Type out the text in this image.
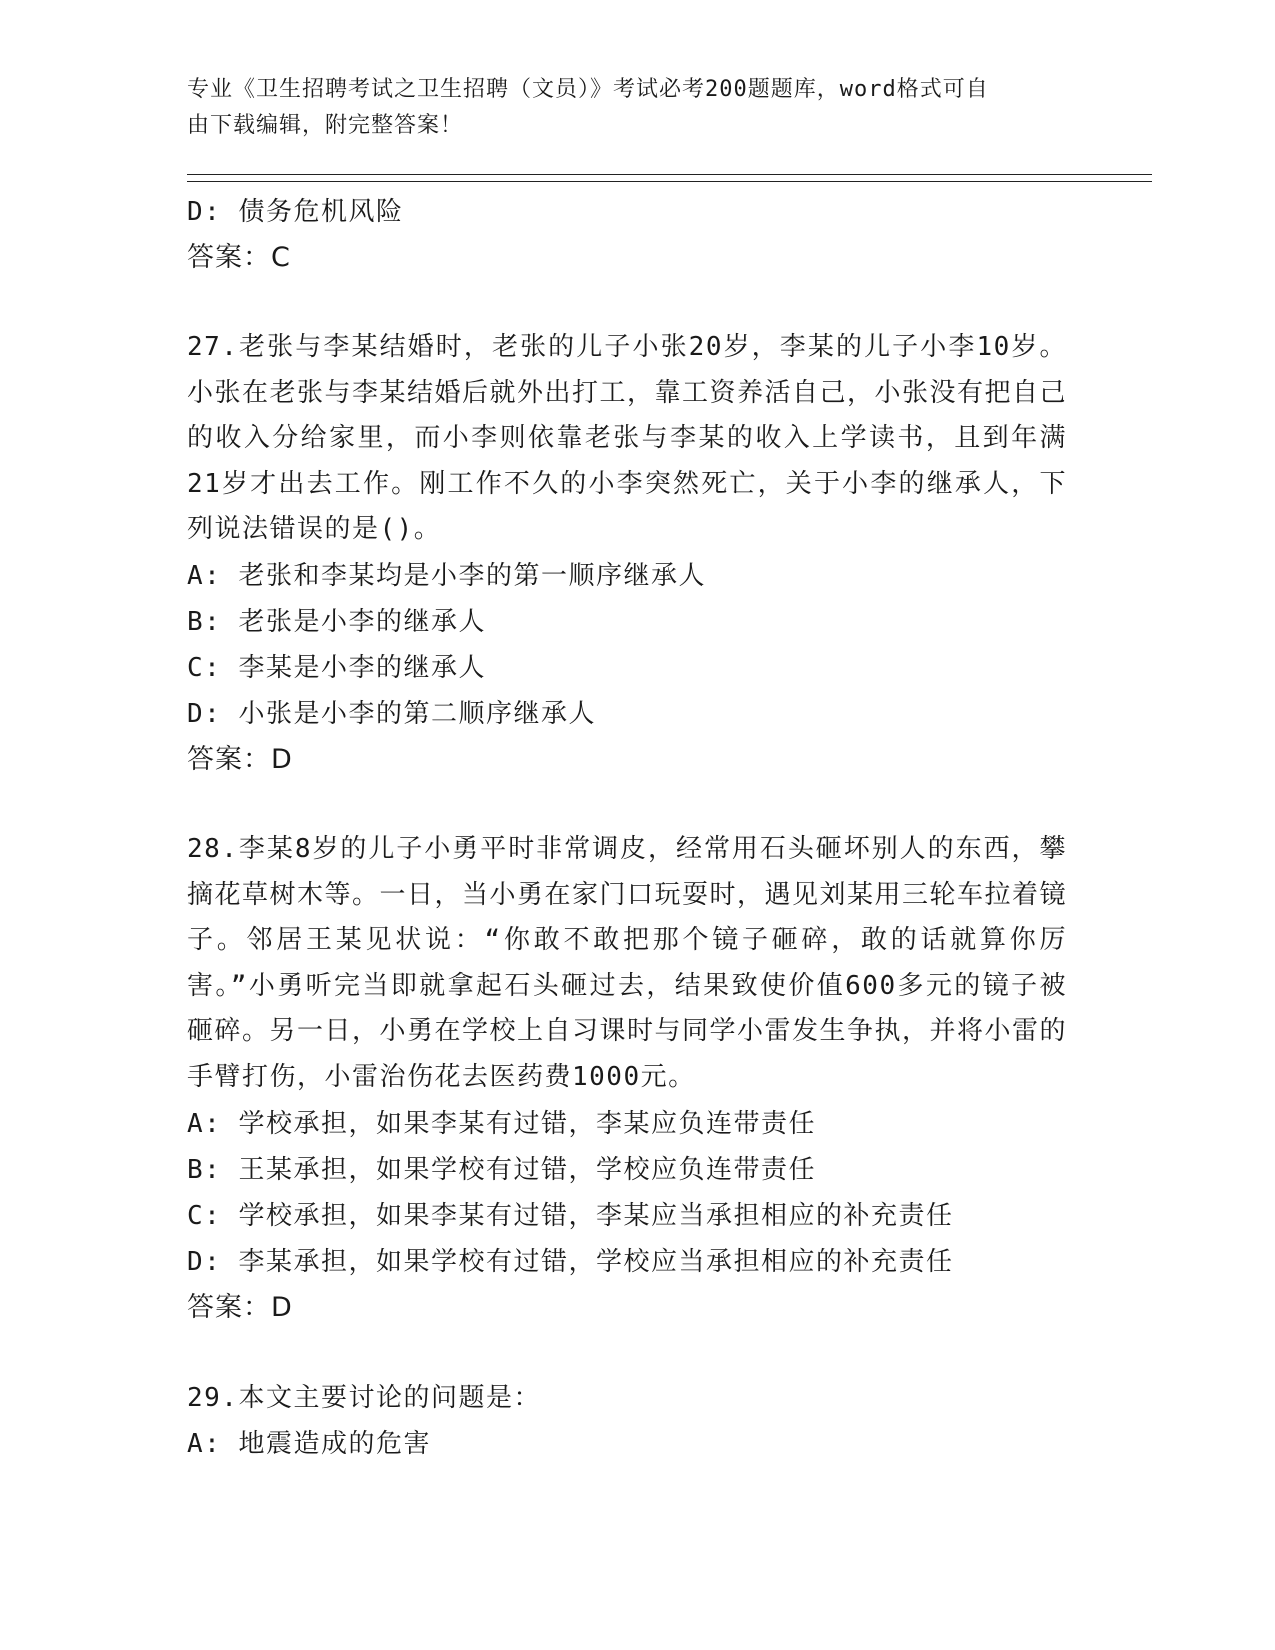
专业《卫生招聘考试之卫生招聘（文员）》考试必考200题题库，word格式可自
由下载编辑，附完整答案！
D: 债务危机风险
答案：C
27.老张与李某结婚时，老张的儿子小张20岁，李某的儿子小李10岁。小张在老张与李某结婚后就外出打工，靠工资养活自己，小张没有把自己的收入分给家里，而小李则依靠老张与李某的收入上学读书，且到年满21岁才出去工作。刚工作不久的小李突然死亡，关于小李的继承人，下列说法错误的是()。
A: 老张和李某均是小李的第一顺序继承人
B: 老张是小李的继承人
C: 李某是小李的继承人
D: 小张是小李的第二顺序继承人
答案：D
28.李某8岁的儿子小勇平时非常调皮，经常用石头砸坏别人的东西，攀摘花草树木等。一日，当小勇在家门口玩耍时，遇见刘某用三轮车拉着镜子。邻居王某见状说：“你敢不敢把那个镜子砸碎，敢的话就算你厉害。”小勇听完当即就拿起石头砸过去，结果致使价值600多元的镜子被砸碎。另一日，小勇在学校上自习课时与同学小雷发生争执，并将小雷的手臂打伤，小雷治伤花去医药费1000元。
A: 学校承担，如果李某有过错，李某应负连带责任
B: 王某承担，如果学校有过错，学校应负连带责任
C: 学校承担，如果李某有过错，李某应当承担相应的补充责任
D: 李某承担，如果学校有过错，学校应当承担相应的补充责任
答案：D
29.本文主要讨论的问题是：
A: 地震造成的危害
